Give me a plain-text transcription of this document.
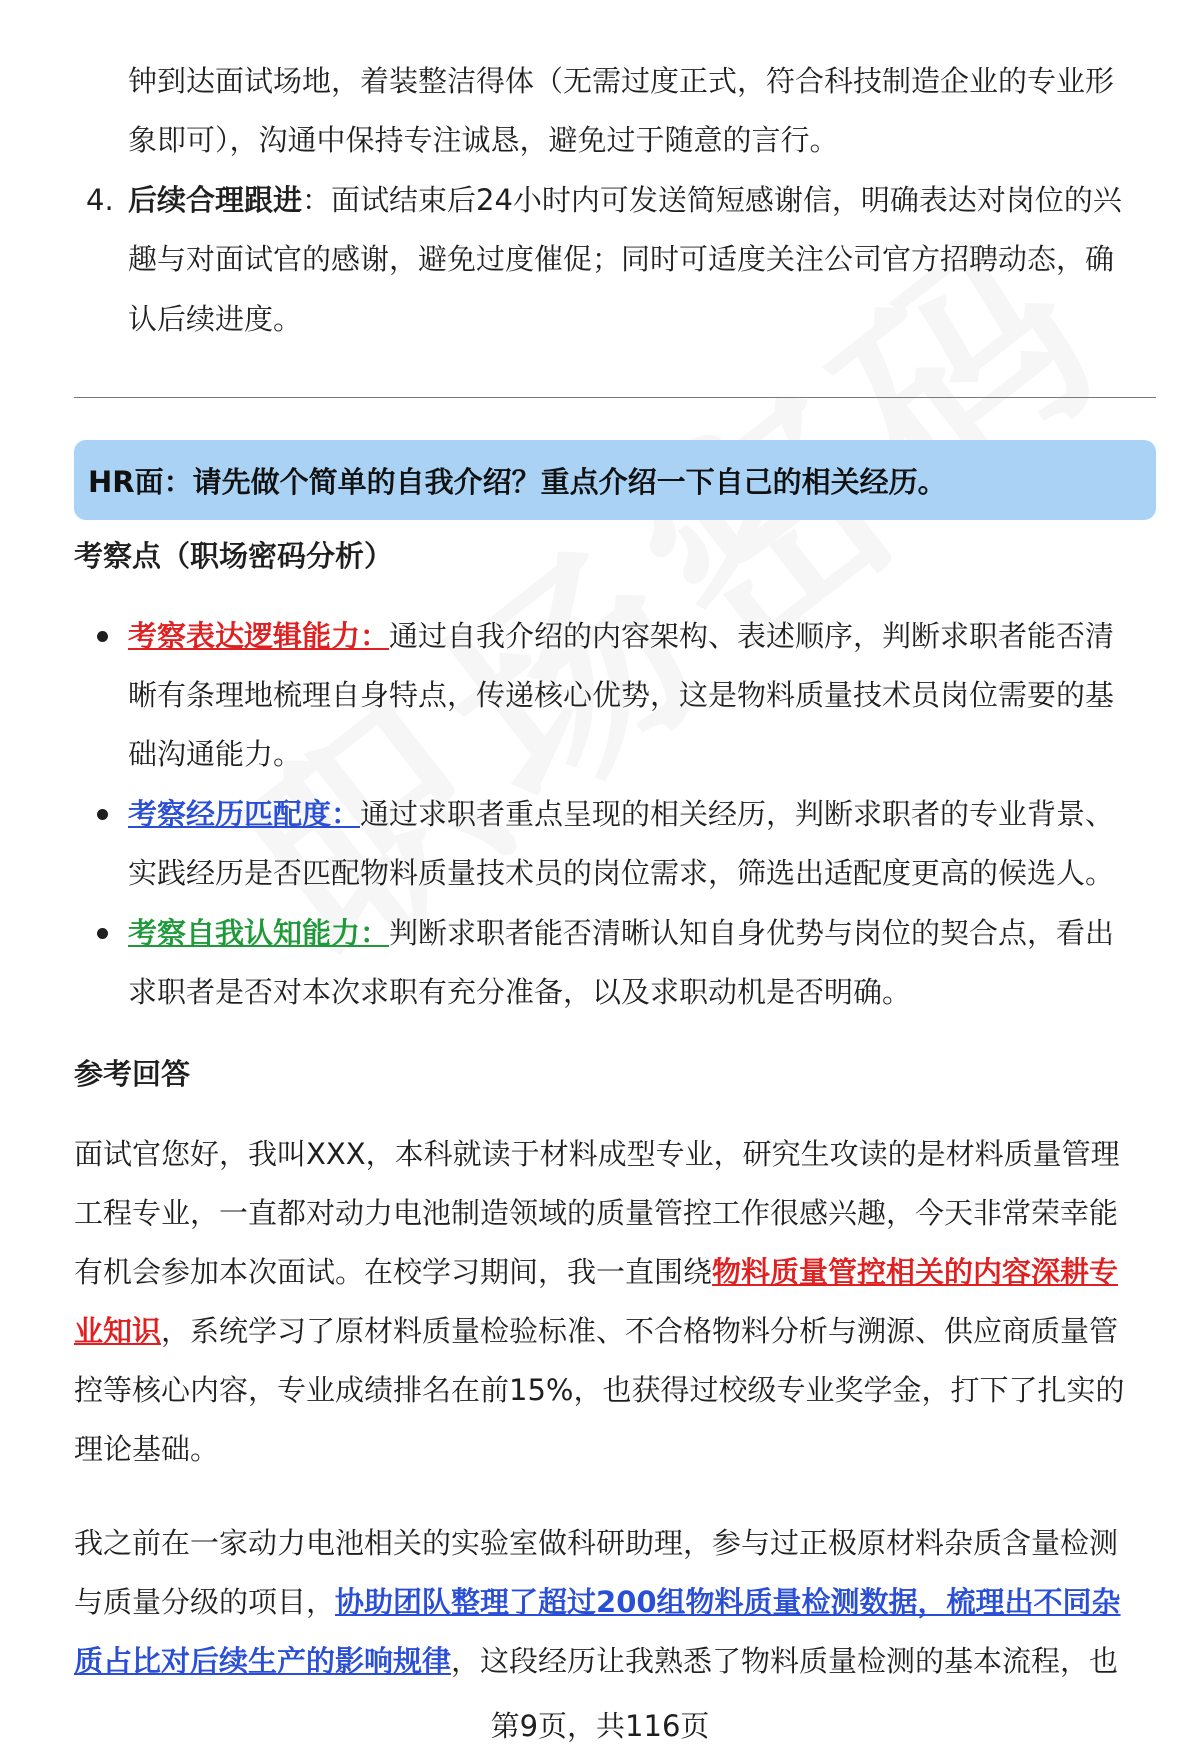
钟到达面试场地，着装整洁得体（无需过度正式，符合科技制造企业的专业形

象即可），沟通中保持专注诚恳，避免过于随意的言行。

4. 后续合理跟进：面试结束后24小时内可发送简短感谢信，明确表达对岗位的兴

趣与对面试官的感谢，避免过度催促；同时可适度关注公司官方招聘动态，确

认后续进度。

HR面：请先做个简单的自我介绍？重点介绍一下自己的相关经历。
考察点（职场密码分析）

考察表达逻辑能力：通过自我介绍的内容架构、表述顺序，判断求职者能否清

晰有条理地梳理自身特点，传递核心优势，这是物料质量技术员岗位需要的基

础沟通能力。

考察经历匹配度：通过求职者重点呈现的相关经历，判断求职者的专业背景、

实践经历是否匹配物料质量技术员的岗位需求，筛选出适配度更高的候选人。

考察自我认知能力：判断求职者能否清晰认知自身优势与岗位的契合点，看出

求职者是否对本次求职有充分准备，以及求职动机是否明确。

参考回答

面试官您好，我叫XXX，本科就读于材料成型专业，研究生攻读的是材料质量管理

工程专业，一直都对动力电池制造领域的质量管控工作很感兴趣，今天非常荣幸能

有机会参加本次面试。在校学习期间，我一直围绕物料质量管控相关的内容深耕专

业知识，系统学习了原材料质量检验标准、不合格物料分析与溯源、供应商质量管

控等核心内容，专业成绩排名在前15%，也获得过校级专业奖学金，打下了扎实的

理论基础。

我之前在一家动力电池相关的实验室做科研助理，参与过正极原材料杂质含量检测

与质量分级的项目，协助团队整理了超过200组物料质量检测数据，梳理出不同杂

质占比对后续生产的影响规律，这段经历让我熟悉了物料质量检测的基本流程，也

第9页，共116页
